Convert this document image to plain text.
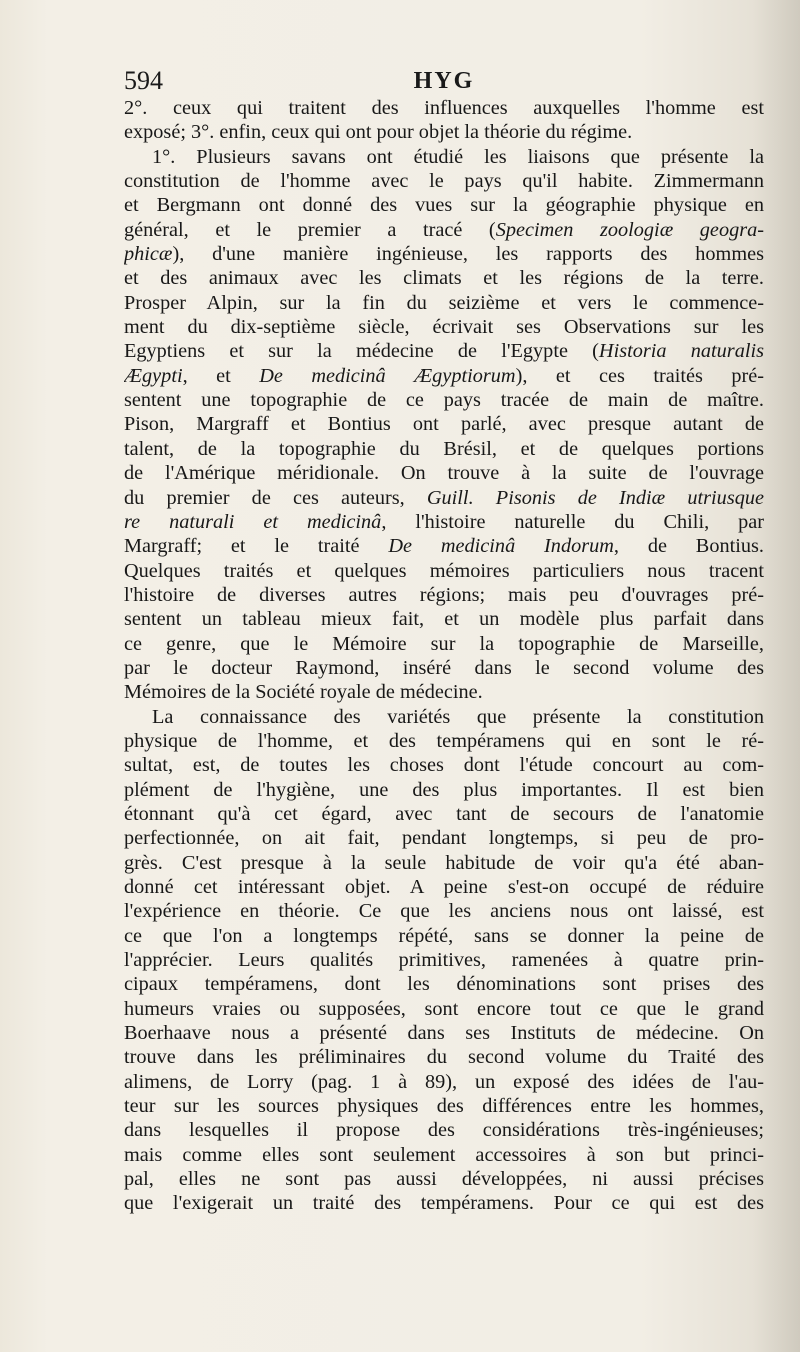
594	HYG
2°. ceux qui traitent des influences auxquelles l'homme est
exposé; 3°. enfin, ceux qui ont pour objet la théorie du régime.
1°. Plusieurs savans ont étudié les liaisons que présente la
constitution de l'homme avec le pays qu'il habite. Zimmermann
et Bergmann ont donné des vues sur la géographie physique en
général, et le premier a tracé (Specimen zoologiæ geogra-
phicæ), d'une manière ingénieuse, les rapports des hommes
et des animaux avec les climats et les régions de la terre.
Prosper Alpin, sur la fin du seizième et vers le commence-
ment du dix-septième siècle, écrivait ses Observations sur les
Egyptiens et sur la médecine de l'Egypte (Historia naturalis
Ægypti, et De medicinâ Ægyptiorum), et ces traités pré-
sentent une topographie de ce pays tracée de main de maître.
Pison, Margraff et Bontius ont parlé, avec presque autant de
talent, de la topographie du Brésil, et de quelques portions
de l'Amérique méridionale. On trouve à la suite de l'ouvrage
du premier de ces auteurs, Guill. Pisonis de Indiæ utriusque
re naturali et medicinâ, l'histoire naturelle du Chili, par
Margraff; et le traité De medicinâ Indorum, de Bontius.
Quelques traités et quelques mémoires particuliers nous tracent
l'histoire de diverses autres régions; mais peu d'ouvrages pré-
sentent un tableau mieux fait, et un modèle plus parfait dans
ce genre, que le Mémoire sur la topographie de Marseille,
par le docteur Raymond, inséré dans le second volume des
Mémoires de la Société royale de médecine.
La connaissance des variétés que présente la constitution
physique de l'homme, et des tempéramens qui en sont le ré-
sultat, est, de toutes les choses dont l'étude concourt au com-
plément de l'hygiène, une des plus importantes. Il est bien
étonnant qu'à cet égard, avec tant de secours de l'anatomie
perfectionnée, on ait fait, pendant longtemps, si peu de pro-
grès. C'est presque à la seule habitude de voir qu'a été aban-
donné cet intéressant objet. A peine s'est-on occupé de réduire
l'expérience en théorie. Ce que les anciens nous ont laissé, est
ce que l'on a longtemps répété, sans se donner la peine de
l'apprécier. Leurs qualités primitives, ramenées à quatre prin-
cipaux tempéramens, dont les dénominations sont prises des
humeurs vraies ou supposées, sont encore tout ce que le grand
Boerhaave nous a présenté dans ses Instituts de médecine. On
trouve dans les préliminaires du second volume du Traité des
alimens, de Lorry (pag. 1 à 89), un exposé des idées de l'au-
teur sur les sources physiques des différences entre les hommes,
dans lesquelles il propose des considérations très-ingénieuses;
mais comme elles sont seulement accessoires à son but princi-
pal, elles ne sont pas aussi développées, ni aussi précises
que l'exigerait un traité des tempéramens. Pour ce qui est des
